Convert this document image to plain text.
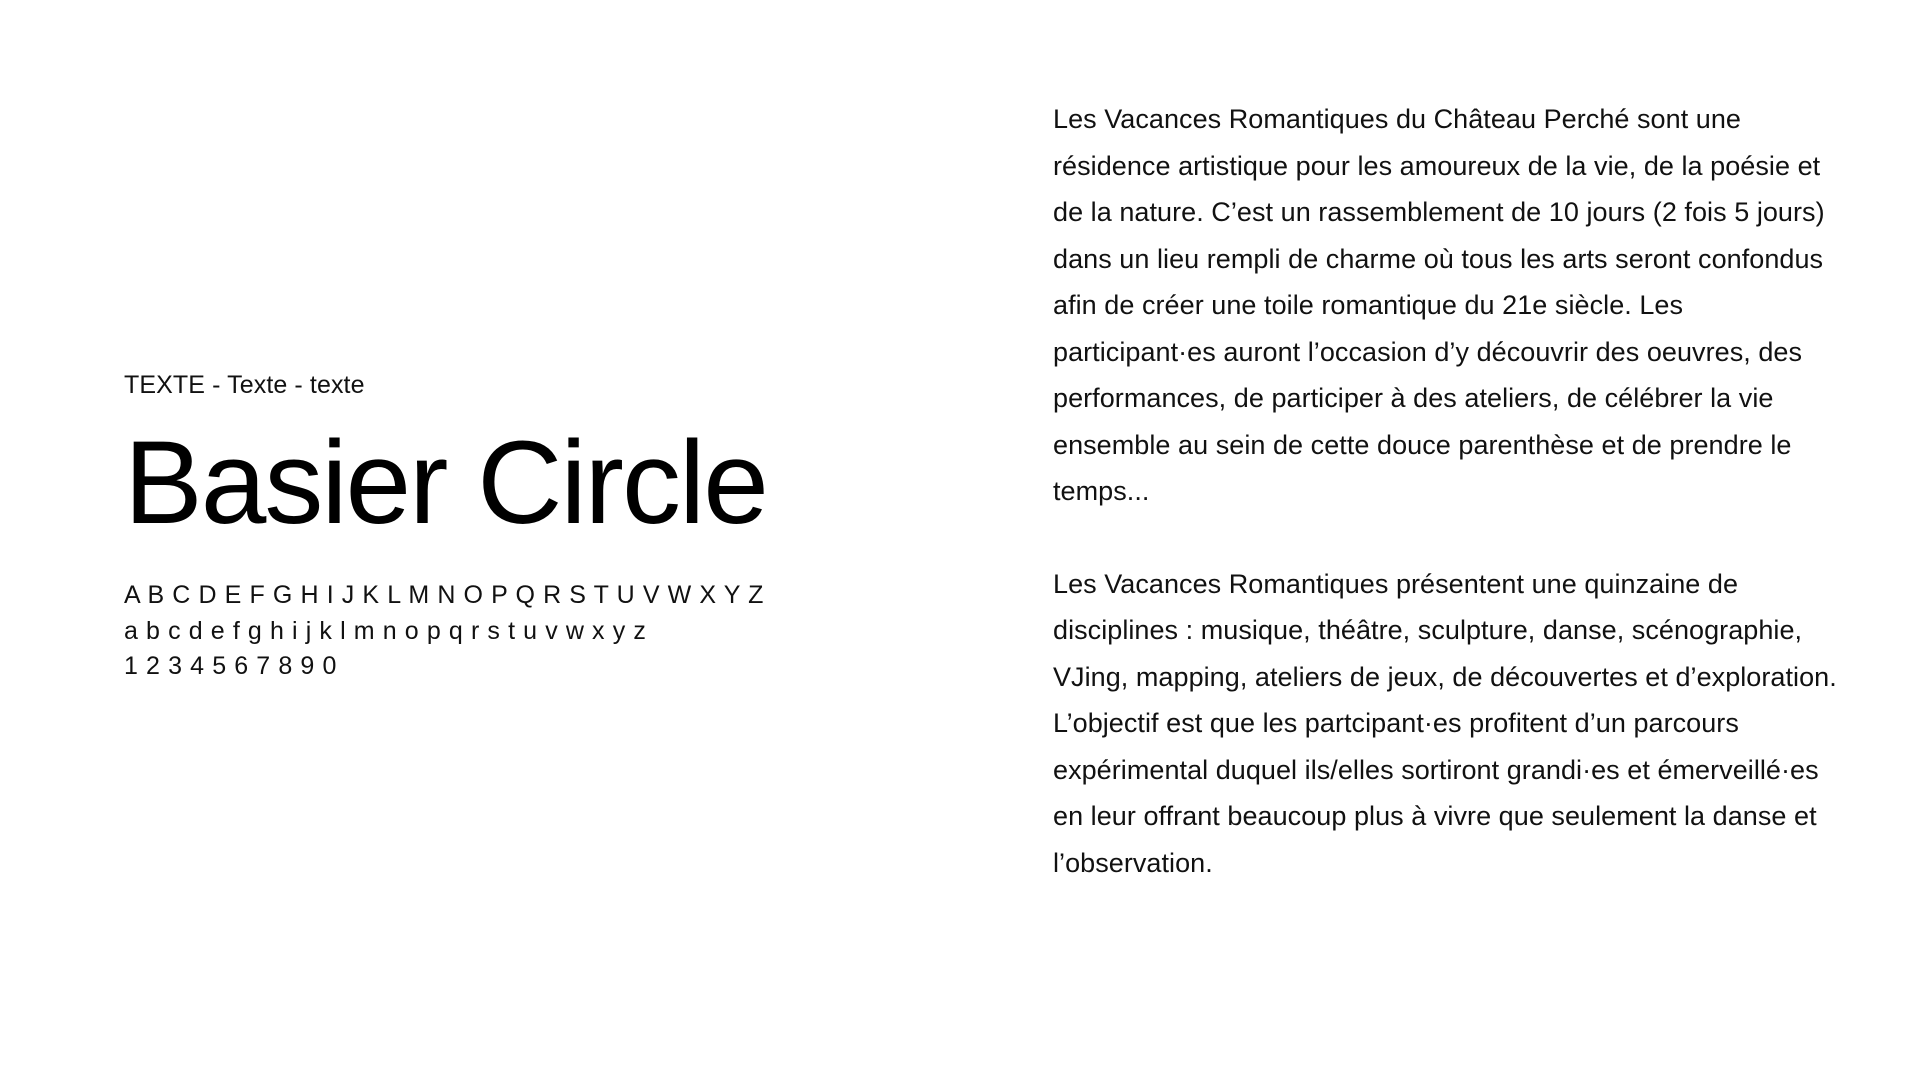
TEXTE - Texte - texte
Basier Circle
A B C D E F G H I J K L M N O P Q R S T U V W X Y Z
a b c d e f g h i j k l m n o p q r s t u v w x y z
1 2 3 4 5 6 7 8 9 0

Les Vacances Romantiques du Château Perché sont une résidence artistique pour les amoureux de la vie, de la poésie et de la nature. C’est un rassemblement de 10 jours (2 fois 5 jours) dans un lieu rempli de charme où tous les arts seront confondus afin de créer une toile romantique du 21e siècle. Les participant·es auront l’occasion d’y découvrir des oeuvres, des performances, de participer à des ateliers, de célébrer la vie ensemble au sein de cette douce parenthèse et de prendre le temps...

Les Vacances Romantiques présentent une quinzaine de disciplines : musique, théâtre, sculpture, danse, scénographie, VJing, mapping, ateliers de jeux, de découvertes et d’exploration. L’objectif est que les partcipant·es profitent d’un parcours expérimental duquel ils/elles sortiront grandi·es et émerveillé·es en leur offrant beaucoup plus à vivre que seulement la danse et l’observation.
